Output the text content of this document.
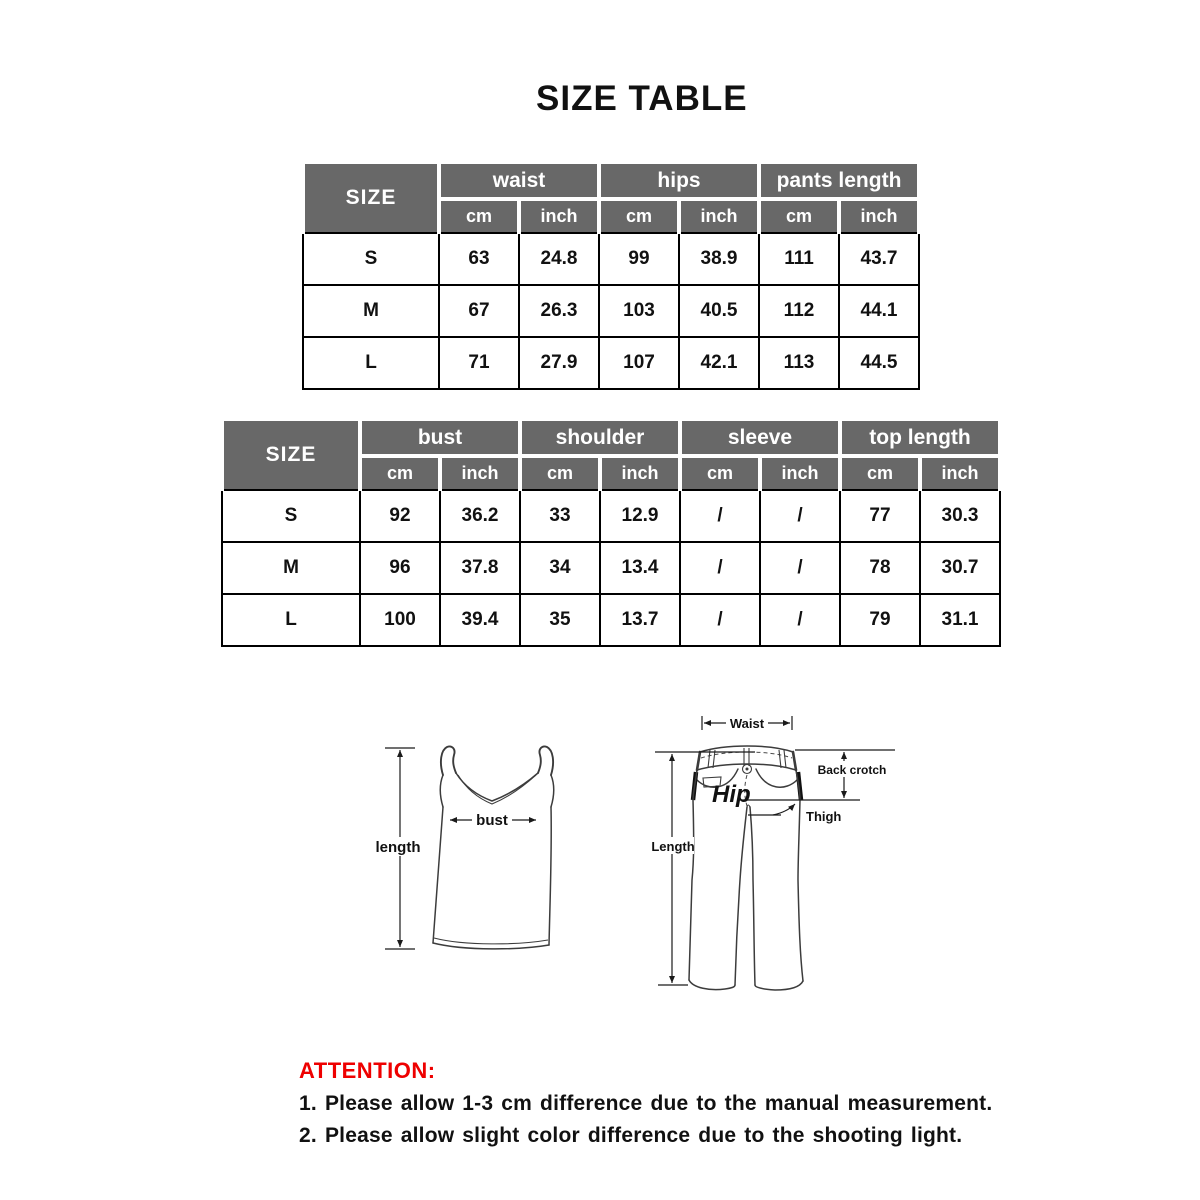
SIZE TABLE
SIZE	waist		hips		pants length	
	cm	inch	cm	inch	cm	inch
S	63	24.8	99	38.9	111	43.7
M	67	26.3	103	40.5	112	44.1
L	71	27.9	107	42.1	113	44.5
SIZE	bust		shoulder		sleeve		top length	
	cm	inch	cm	inch	cm	inch	cm	inch
S	92	36.2	33	12.9	/	/	77	30.3
M	96	37.8	34	13.4	/	/	78	30.7
L	100	39.4	35	13.7	/	/	79	31.1
length
bust
Waist
Length
Back crotch
Thigh
Hip
ATTENTION:
1. Please allow 1-3 cm difference due to the manual measurement.
2. Please allow slight color difference due to the shooting light.
